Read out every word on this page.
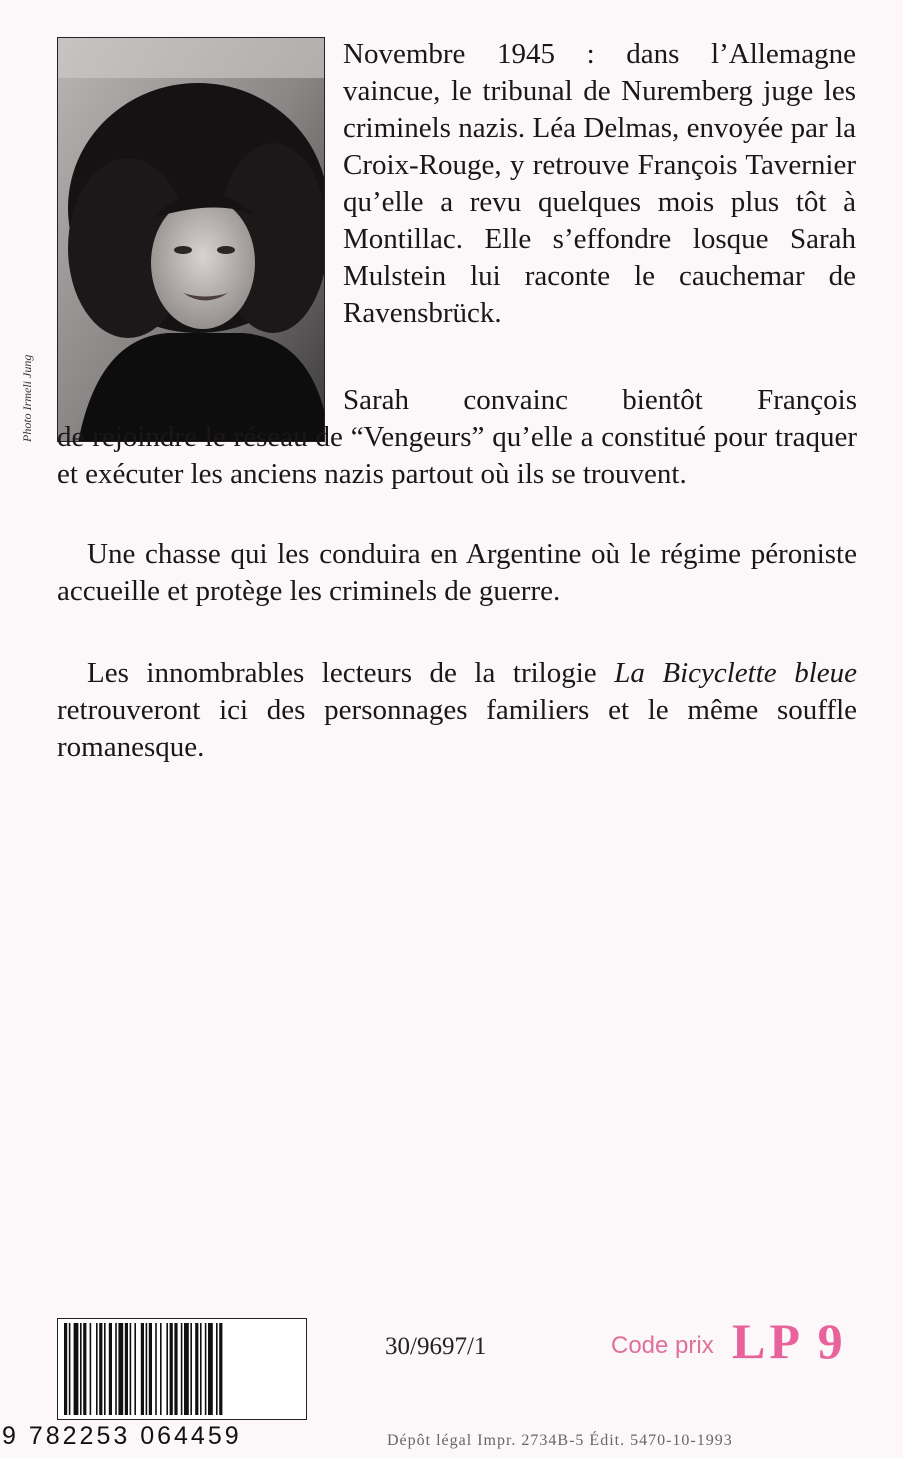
Photo Irmeli Jung
Novembre 1945 : dans l’Allemagne vaincue, le tribunal de Nuremberg juge les criminels nazis. Léa Delmas, envoyée par la Croix-Rouge, y retrouve François Tavernier qu’elle a revu quelques mois plus tôt à Montillac. Elle s’effondre losque Sarah Mulstein lui raconte le cauchemar de Ravensbrück.
Sarah convainc bientôt François
de rejoindre le réseau de “Vengeurs” qu’elle a constitué pour traquer et exécuter les anciens nazis partout où ils se trouvent.
Une chasse qui les conduira en Argentine où le régime péroniste accueille et protège les criminels de guerre.
Les innombrables lecteurs de la trilogie La Bicyclette bleue retrouveront ici des personnages familiers et le même souffle romanesque.
9 782253 064459
30/9697/1	Code prix LP 9
Dépôt légal Impr. 2734B-5 Édit. 5470-10-1993
